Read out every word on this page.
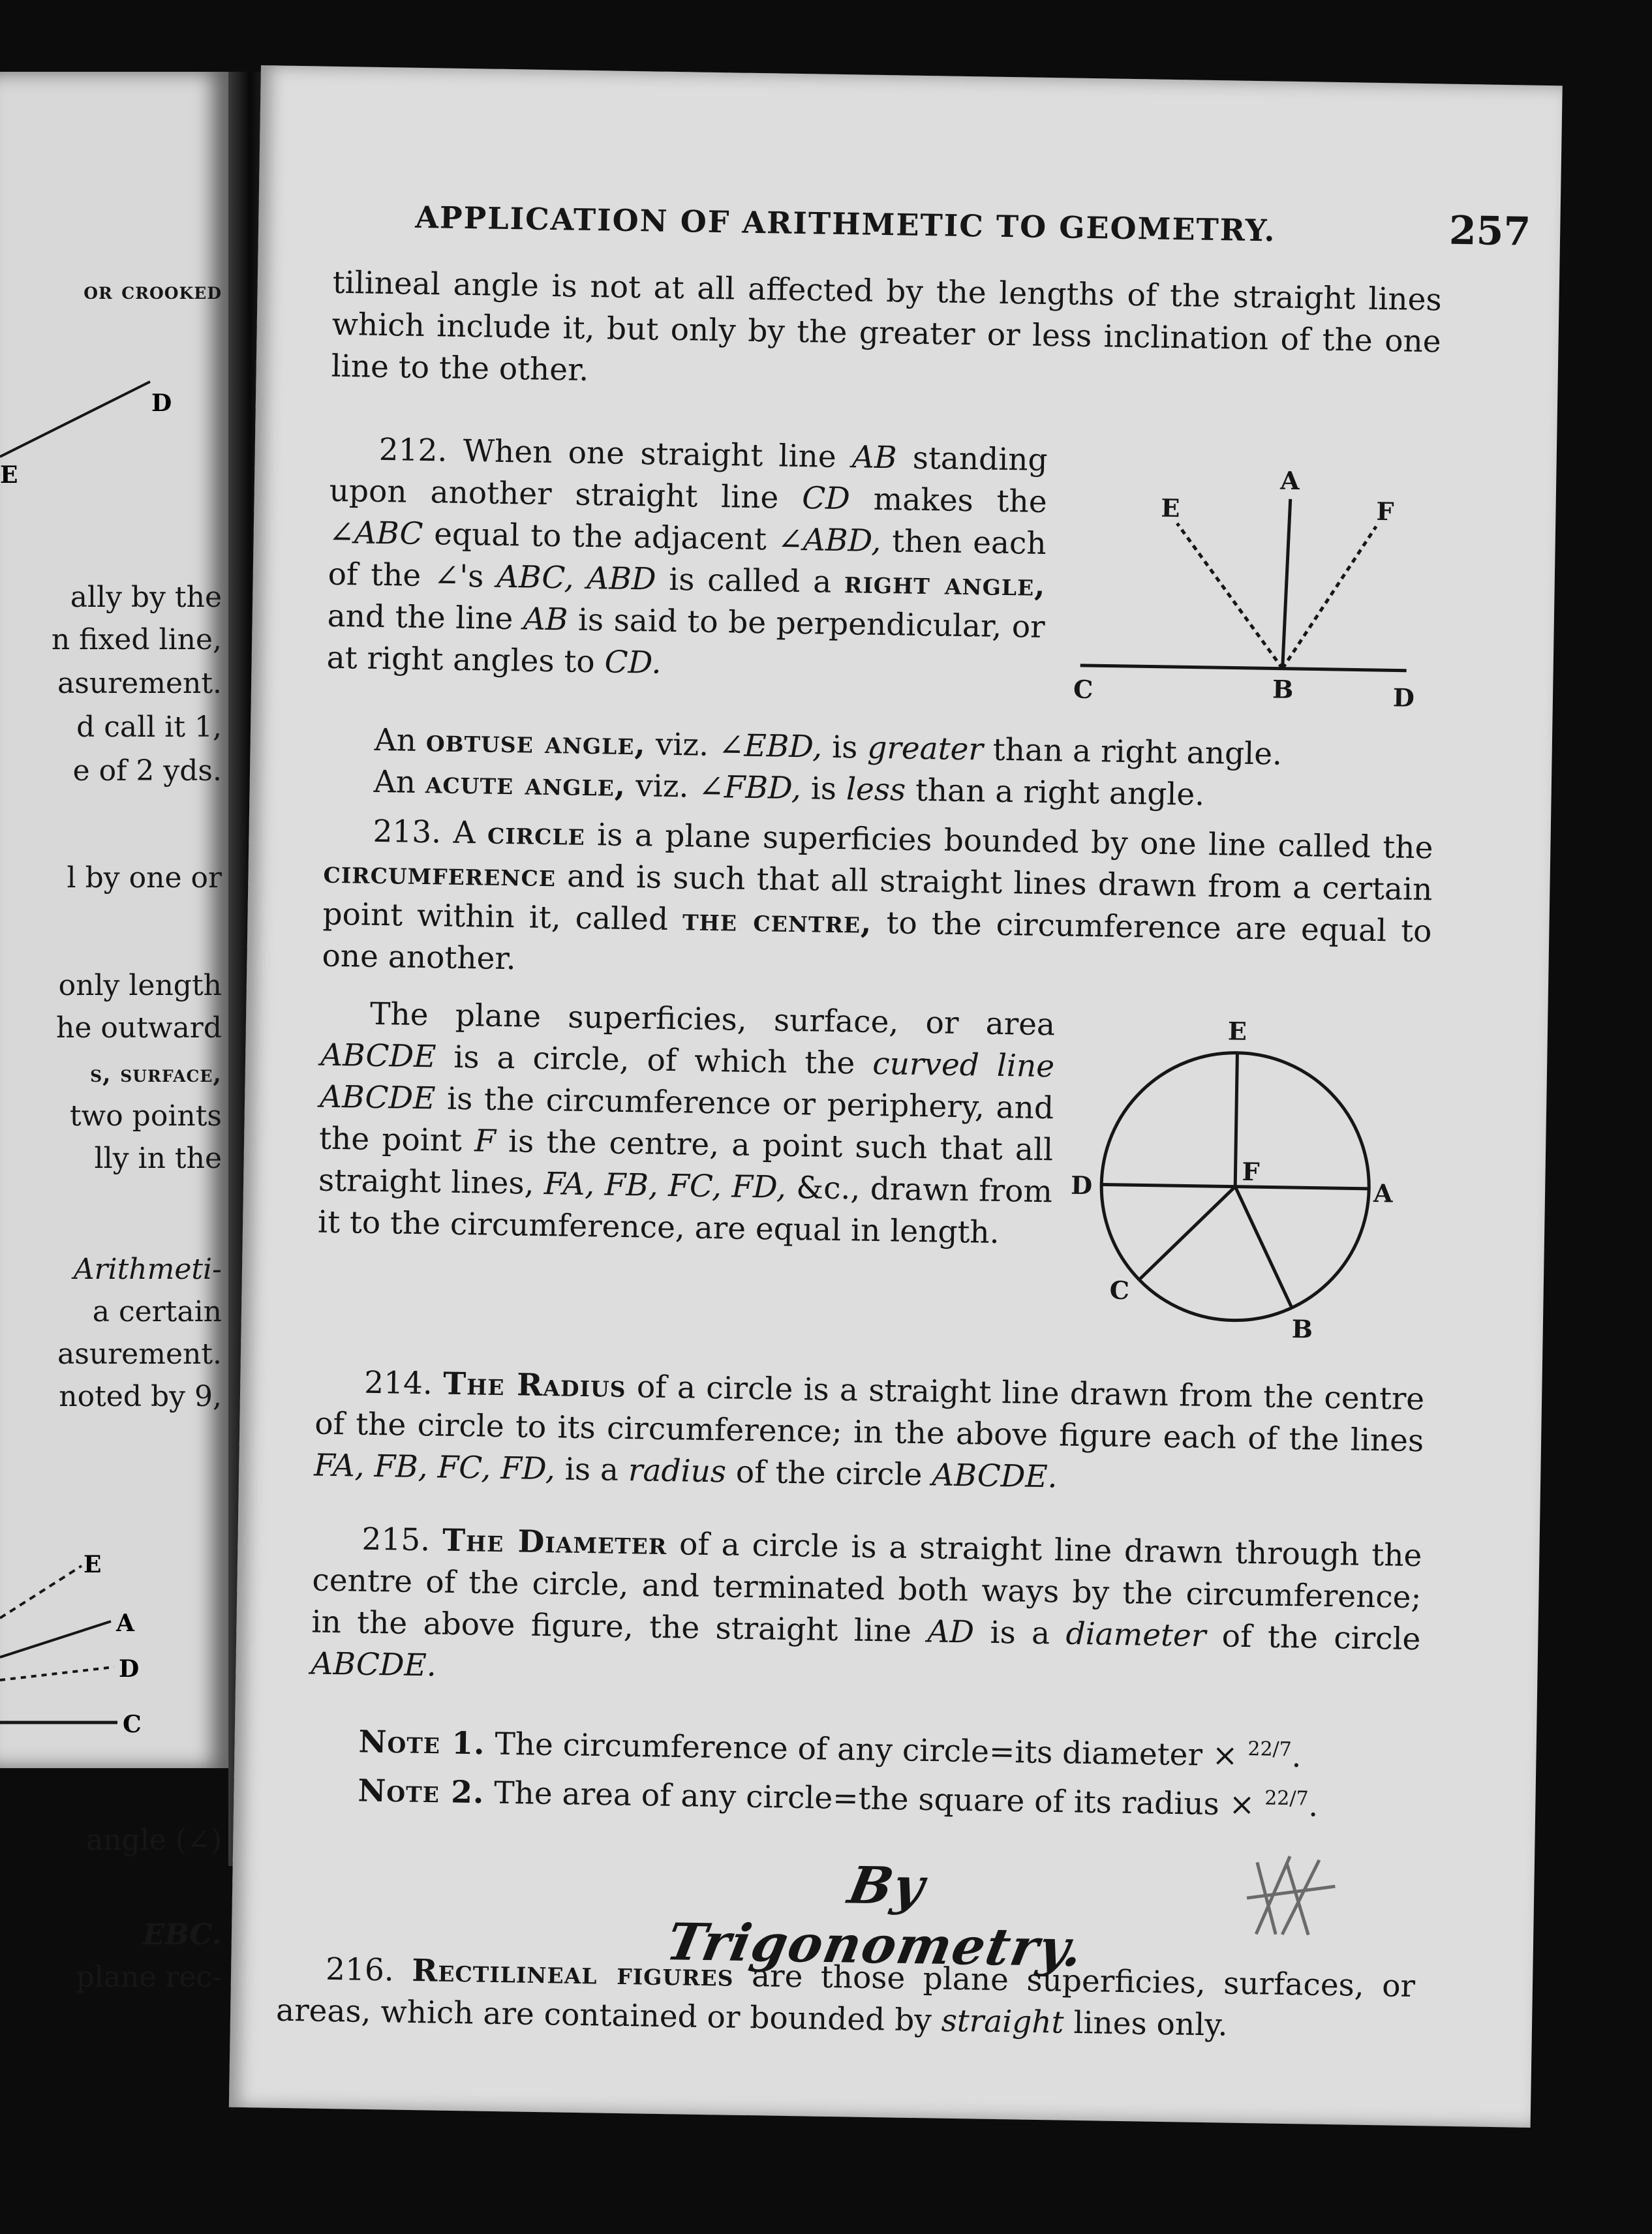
or crooked
D
E
ally by the
n fixed line,
asurement.
d call it 1,
e of 2 yds.
l by one or
only length
he outward
s, surface,
two points
lly in the
Arithmeti-
a certain
asurement.
noted by 9,
E
A
D
C
angle (∠)
EBC.
plane rec-
APPLICATION OF ARITHMETIC TO GEOMETRY.	257

tilineal angle is not at all affected by the lengths of the straight lines which include it, but only by the greater or less inclination of the one line to the other.

212. When one straight line AB standing upon another straight line CD makes the ∠ABC equal to the adjacent ∠ABD, then each of the ∠'s ABC, ABD is called a right angle, and the line AB is said to be perpendicular, or at right angles to CD.

A
E	F
C	B	D

An obtuse angle, viz. ∠EBD, is greater than a right angle.

An acute angle, viz. ∠FBD, is less than a right angle.

213. A circle is a plane superficies bounded by one line called the circumference and is such that all straight lines drawn from a certain point within it, called the centre, to the circumference are equal to one another.

The plane superficies, surface, or area ABCDE is a circle, of which the curved line ABCDE is the circumference or periphery, and the point F is the centre, a point such that all straight lines, FA, FB, FC, FD, &c., drawn from it to the circumference, are equal in length.

E
F
D	A
C
B

214. The Radius of a circle is a straight line drawn from the centre of the circle to its circumference; in the above figure each of the lines FA, FB, FC, FD, is a radius of the circle ABCDE.

215. The Diameter of a circle is a straight line drawn through the centre of the circle, and terminated both ways by the circumference; in the above figure, the straight line AD is a diameter of the circle ABCDE.

Note 1. The circumference of any circle=its diameter × $^{22/7}$.
Note 2. The area of any circle=the square of its radius × $^{22/7}$.
By Trigonometry.

216. Rectilineal figures are those plane superficies, surfaces, or areas, which are contained or bounded by straight lines only.
